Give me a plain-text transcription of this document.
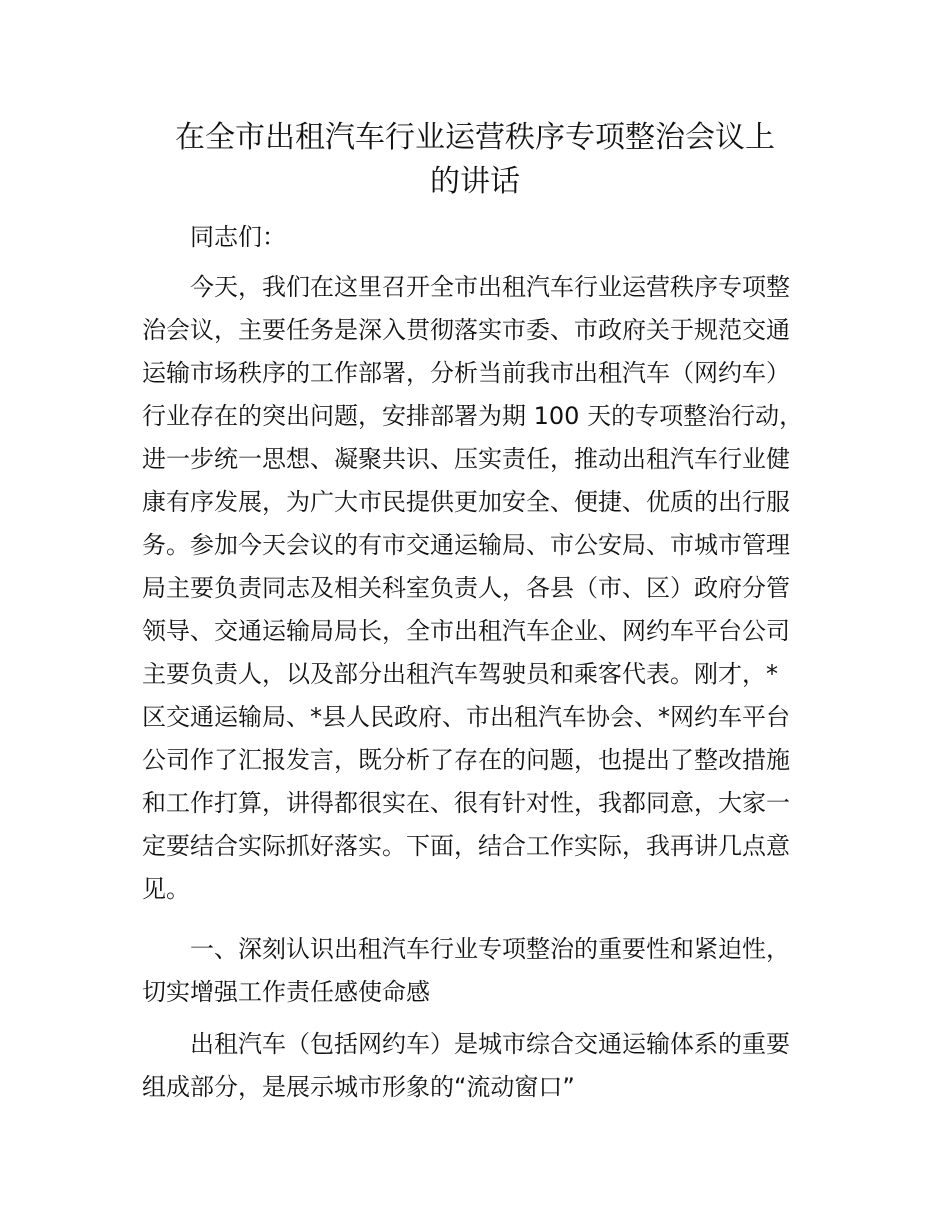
在全市出租汽车行业运营秩序专项整治会议上
的讲话
同志们：
今天，我们在这里召开全市出租汽车行业运营秩序专项整
治会议，主要任务是深入贯彻落实市委、市政府关于规范交通
运输市场秩序的工作部署，分析当前我市出租汽车（网约车）
行业存在的突出问题，安排部署为期 100 天的专项整治行动，
进一步统一思想、凝聚共识、压实责任，推动出租汽车行业健
康有序发展，为广大市民提供更加安全、便捷、优质的出行服
务。参加今天会议的有市交通运输局、市公安局、市城市管理
局主要负责同志及相关科室负责人，各县（市、区）政府分管
领导、交通运输局局长，全市出租汽车企业、网约车平台公司
主要负责人，以及部分出租汽车驾驶员和乘客代表。刚才，*
区交通运输局、*县人民政府、市出租汽车协会、*网约车平台
公司作了汇报发言，既分析了存在的问题，也提出了整改措施
和工作打算，讲得都很实在、很有针对性，我都同意，大家一
定要结合实际抓好落实。下面，结合工作实际，我再讲几点意
见。
一、深刻认识出租汽车行业专项整治的重要性和紧迫性，
切实增强工作责任感使命感
出租汽车（包括网约车）是城市综合交通运输体系的重要
组成部分，是展示城市形象的“流动窗口”
